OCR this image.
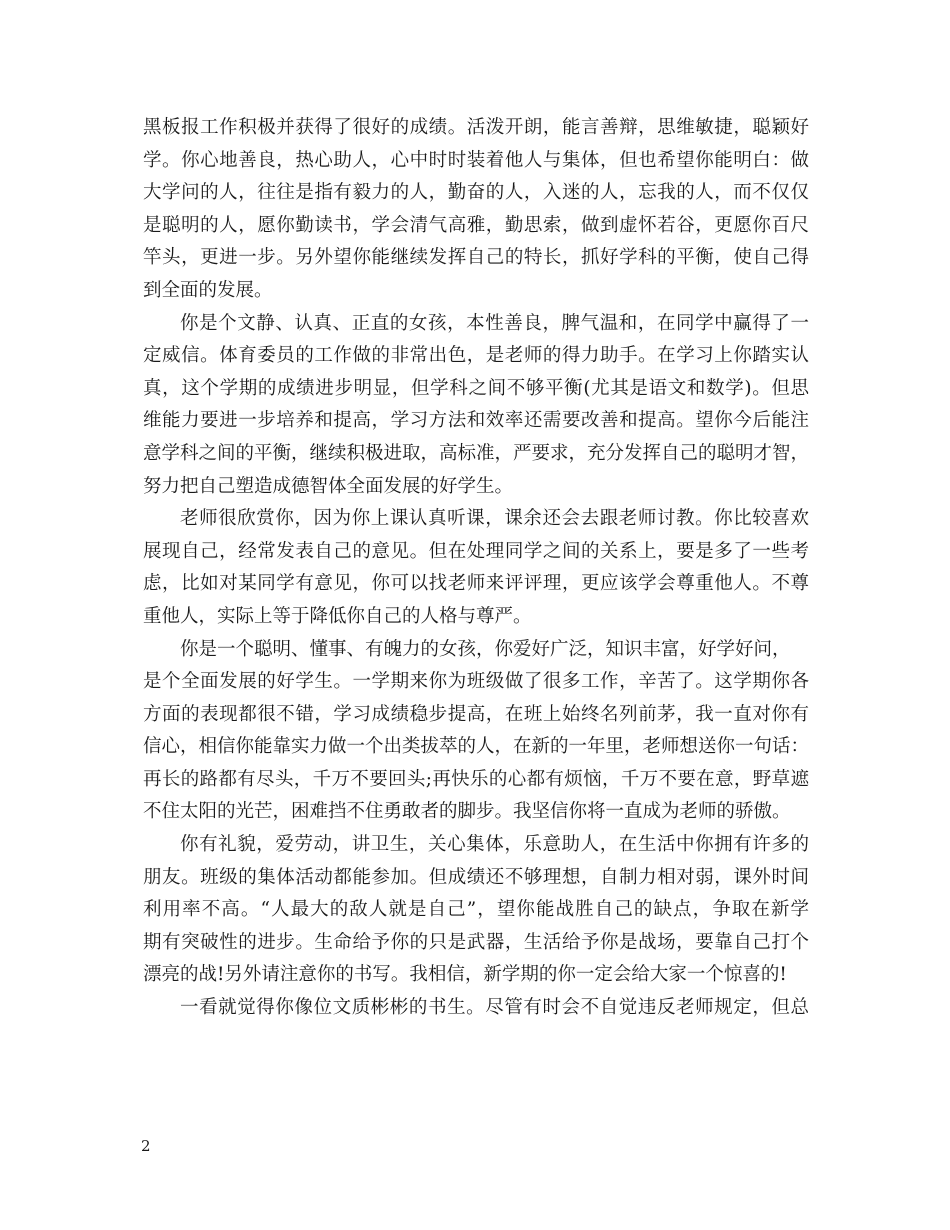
黑板报工作积极并获得了很好的成绩。活泼开朗，能言善辩，思维敏捷，聪颖好
学。你心地善良，热心助人，心中时时装着他人与集体，但也希望你能明白：做
大学问的人，往往是指有毅力的人，勤奋的人，入迷的人，忘我的人，而不仅仅
是聪明的人，愿你勤读书，学会清气高雅，勤思索，做到虚怀若谷，更愿你百尺
竿头，更进一步。另外望你能继续发挥自己的特长，抓好学科的平衡，使自己得
到全面的发展。
你是个文静、认真、正直的女孩，本性善良，脾气温和，在同学中赢得了一
定威信。体育委员的工作做的非常出色，是老师的得力助手。在学习上你踏实认
真，这个学期的成绩进步明显，但学科之间不够平衡(尤其是语文和数学)。但思
维能力要进一步培养和提高，学习方法和效率还需要改善和提高。望你今后能注
意学科之间的平衡，继续积极进取，高标准，严要求，充分发挥自己的聪明才智，
努力把自己塑造成德智体全面发展的好学生。
老师很欣赏你，因为你上课认真听课，课余还会去跟老师讨教。你比较喜欢
展现自己，经常发表自己的意见。但在处理同学之间的关系上，要是多了一些考
虑，比如对某同学有意见，你可以找老师来评评理，更应该学会尊重他人。不尊
重他人，实际上等于降低你自己的人格与尊严。
你是一个聪明、懂事、有魄力的女孩，你爱好广泛，知识丰富，好学好问，
是个全面发展的好学生。一学期来你为班级做了很多工作，辛苦了。这学期你各
方面的表现都很不错，学习成绩稳步提高，在班上始终名列前茅，我一直对你有
信心，相信你能靠实力做一个出类拔萃的人，在新的一年里，老师想送你一句话：
再长的路都有尽头，千万不要回头;再快乐的心都有烦恼，千万不要在意，野草遮
不住太阳的光芒，困难挡不住勇敢者的脚步。我坚信你将一直成为老师的骄傲。
你有礼貌，爱劳动，讲卫生，关心集体，乐意助人，在生活中你拥有许多的
朋友。班级的集体活动都能参加。但成绩还不够理想，自制力相对弱，课外时间
利用率不高。“人最大的敌人就是自己”，望你能战胜自己的缺点，争取在新学
期有突破性的进步。生命给予你的只是武器，生活给予你是战场，要靠自己打个
漂亮的战!另外请注意你的书写。我相信，新学期的你一定会给大家一个惊喜的!
一看就觉得你像位文质彬彬的书生。尽管有时会不自觉违反老师规定，但总
2
